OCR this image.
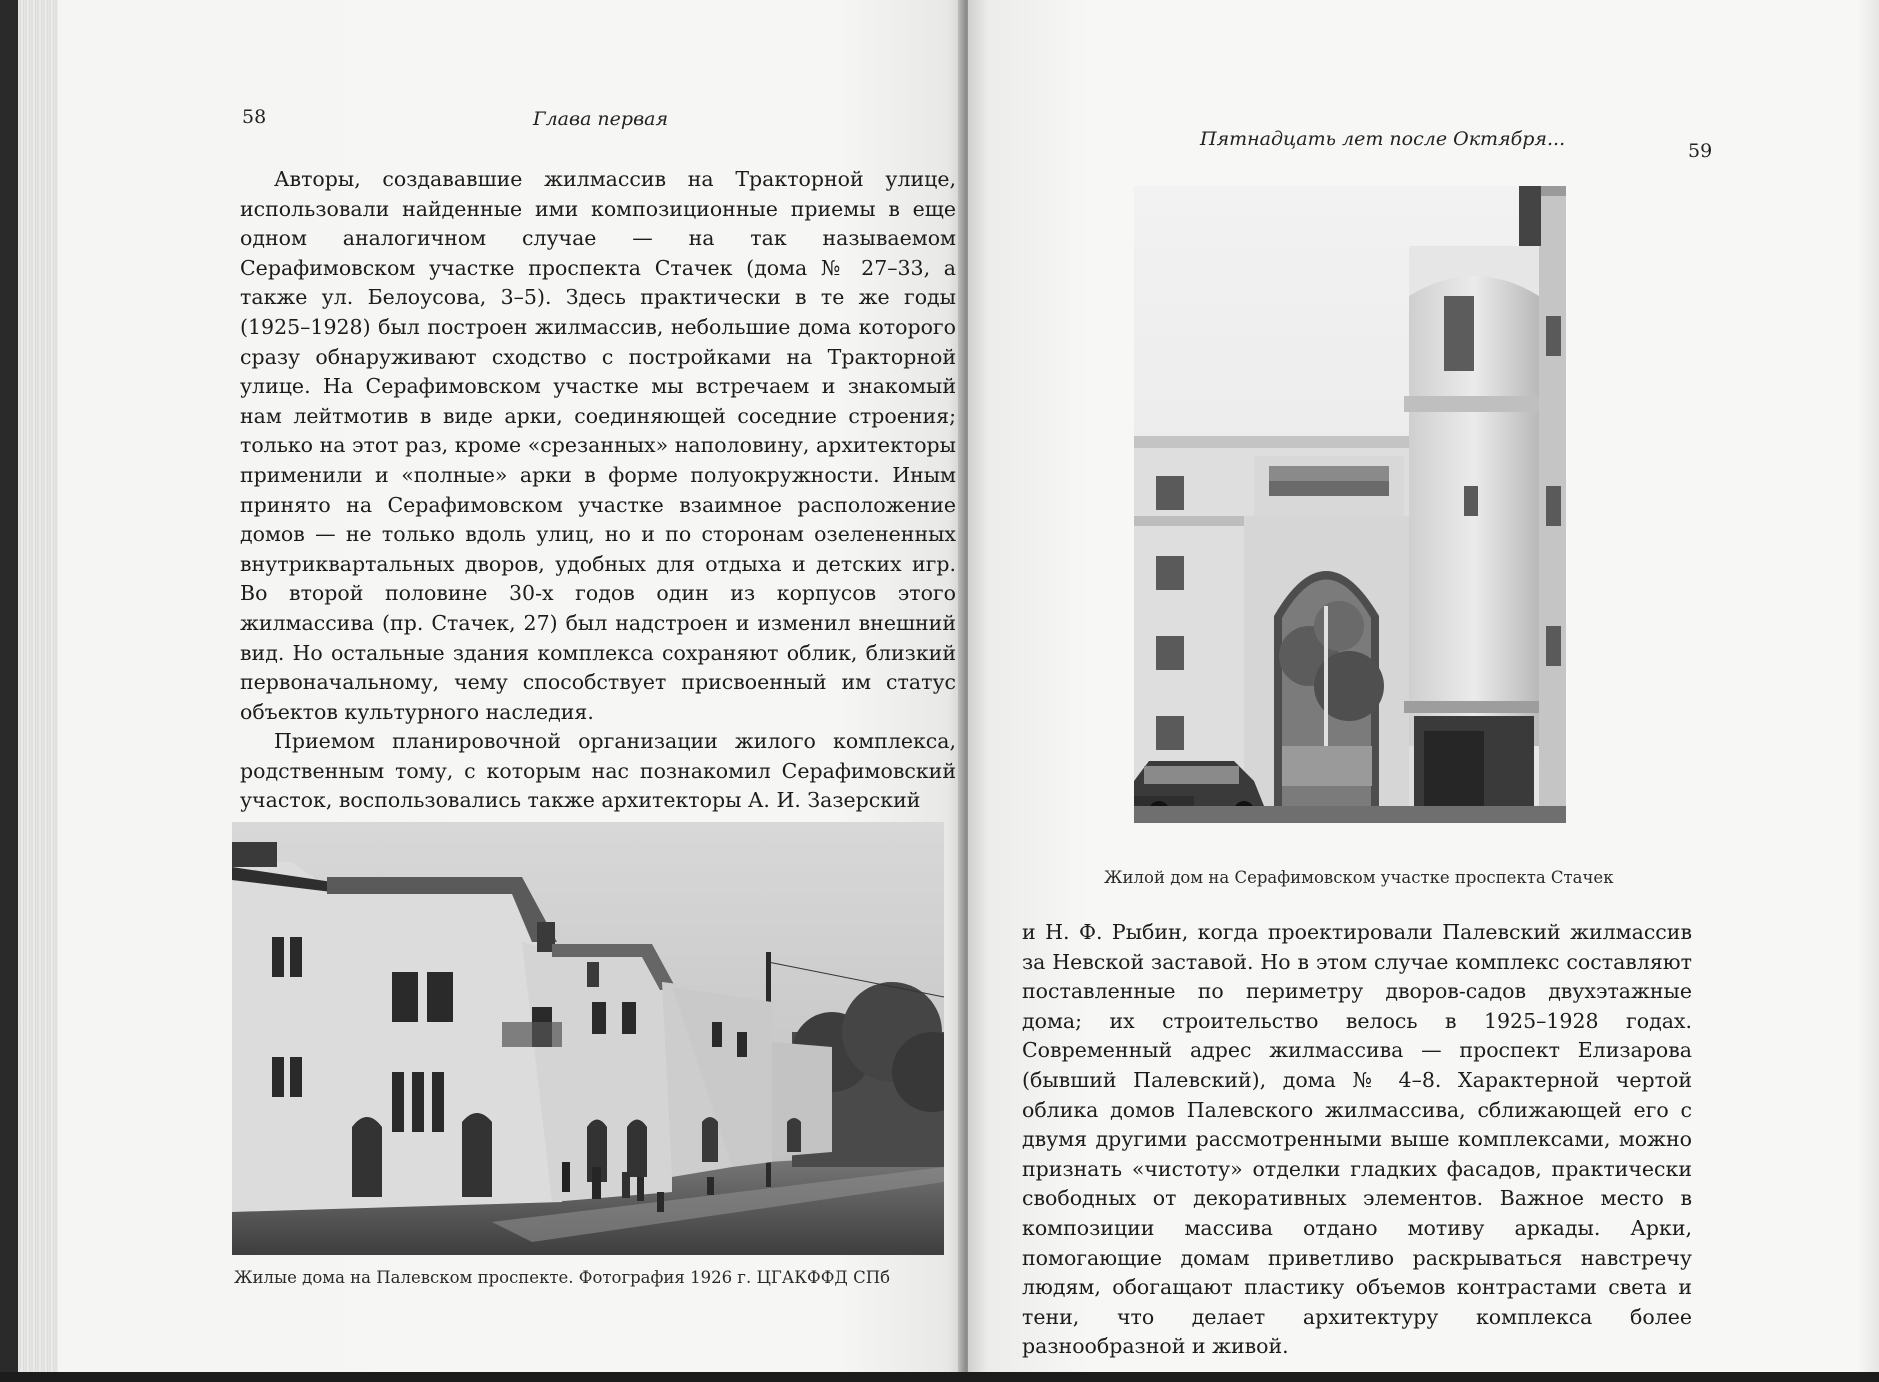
58	Глава первая

Авторы, создававшие жилмассив на Тракторной улице, использовали найденные ими композиционные приемы в еще одном аналогичном случае — на так называемом Серафимовском участке проспекта Стачек (дома № 27–33, а также ул. Белоусова, 3–5). Здесь практически в те же годы (1925–1928) был построен жилмассив, небольшие дома которого сразу обнаруживают сходство с постройками на Тракторной улице. На Серафимовском участке мы встречаем и знакомый нам лейтмотив в виде арки, соединяющей соседние строения; только на этот раз, кроме «срезанных» наполовину, архитекторы применили и «полные» арки в форме полуокружности. Иным принято на Серафимовском участке взаимное расположение домов — не только вдоль улиц, но и по сторонам озелененных внутриквартальных дворов, удобных для отдыха и детских игр. Во второй половине 30-х годов один из корпусов этого жилмассива (пр. Стачек, 27) был надстроен и изменил внешний вид. Но остальные здания комплекса сохраняют облик, близкий первоначальному, чему способствует присвоенный им статус объектов культурного наследия.

Приемом планировочной организации жилого комплекса, родственным тому, с которым нас познакомил Серафимовский участок, воспользовались также архитекторы А. И. Зазерский

Жилые дома на Палевском проспекте. Фотография 1926 г. ЦГАКФФД СПб
Пятнадцать лет после Октября...
59
Жилой дом на Серафимовском участке проспекта Стачек

и Н. Ф. Рыбин, когда проектировали Палевский жилмассив за Невской заставой. Но в этом случае комплекс составляют поставленные по периметру дворов-садов двухэтажные дома; их строительство велось в 1925–1928 годах. Современный адрес жилмассива — проспект Елизарова (бывший Палевский), дома № 4–8. Характерной чертой облика домов Палевского жилмассива, сближающей его с двумя другими рассмотренными выше комплексами, можно признать «чистоту» отделки гладких фасадов, практически свободных от декоративных элементов. Важное место в композиции массива отдано мотиву аркады. Арки, помогающие домам приветливо раскрываться навстречу людям, обогащают пластику объемов контрастами света и тени, что делает архитектуру комплекса более разнообразной и живой.
